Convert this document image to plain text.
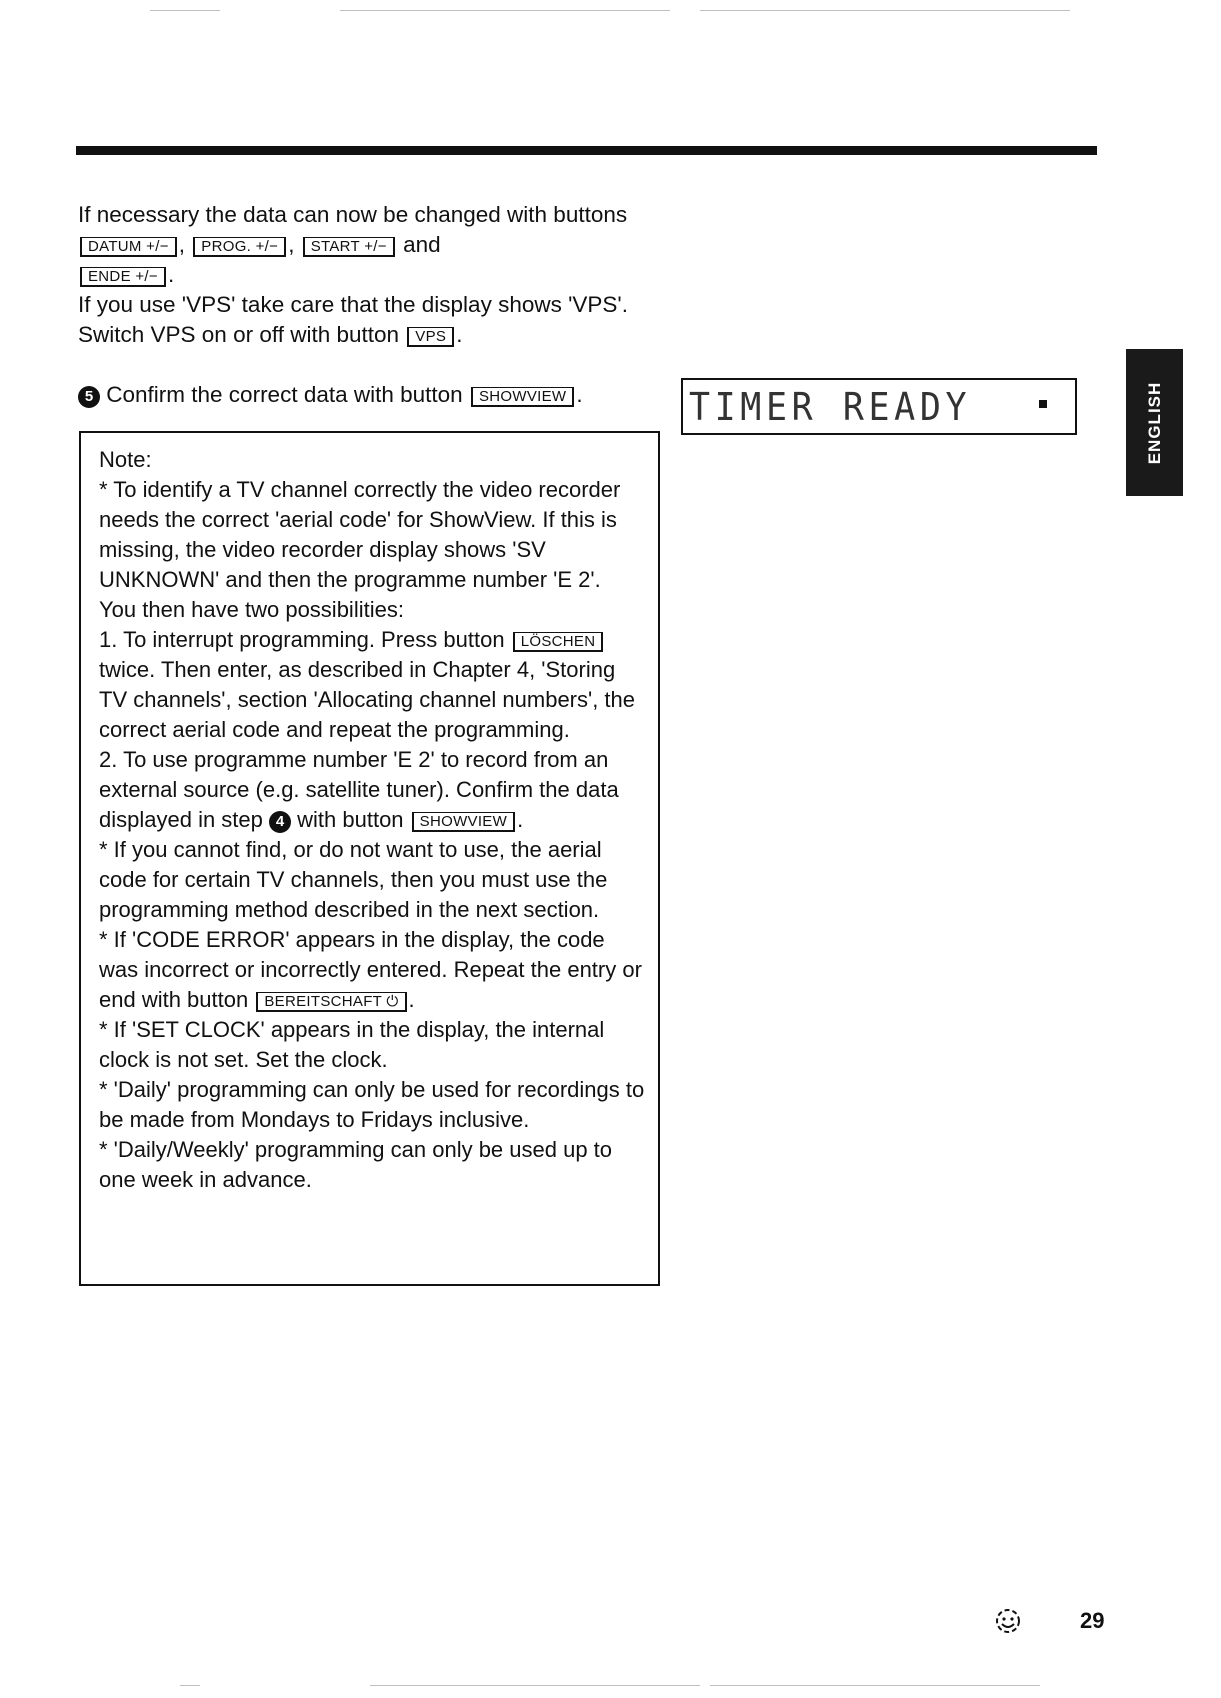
If necessary the data can now be changed with buttons
DATUM +/− , PROG. +/− , START +/− and
ENDE +/− .
If you use 'VPS' take care that the display shows 'VPS'.
Switch VPS on or off with button VPS .
5 Confirm the correct data with button SHOWVIEW .	TIMER READY

Note:

* To identify a TV channel correctly the video recorder needs the correct 'aerial code' for ShowView. If this is missing, the video recorder display shows 'SV UNKNOWN' and then the programme number 'E 2'.

You then have two possibilities:

1. To interrupt programming. Press button LÖSCHENtwice. Then enter, as described in Chapter 4, 'Storing TV channels', section 'Allocating channel numbers', the correct aerial code and repeat the programming.

2. To use programme number 'E 2' to record from an external source (e.g. satellite tuner). Confirm the data displayed in step 4 with button SHOWVIEW .

* If you cannot find, or do not want to use, the aerial code for certain TV channels, then you must use the programming method described in the next section.

* If 'CODE ERROR' appears in the display, the code was incorrect or incorrectly entered. Repeat the entry or end with button BEREITSCHAFT ⏻ .

* If 'SET CLOCK' appears in the display, the internal clock is not set. Set the clock.

* 'Daily' programming can only be used for recordings to be made from Mondays to Fridays inclusive.

* 'Daily/Weekly' programming can only be used up to one week in advance.

ENGLISH
29
